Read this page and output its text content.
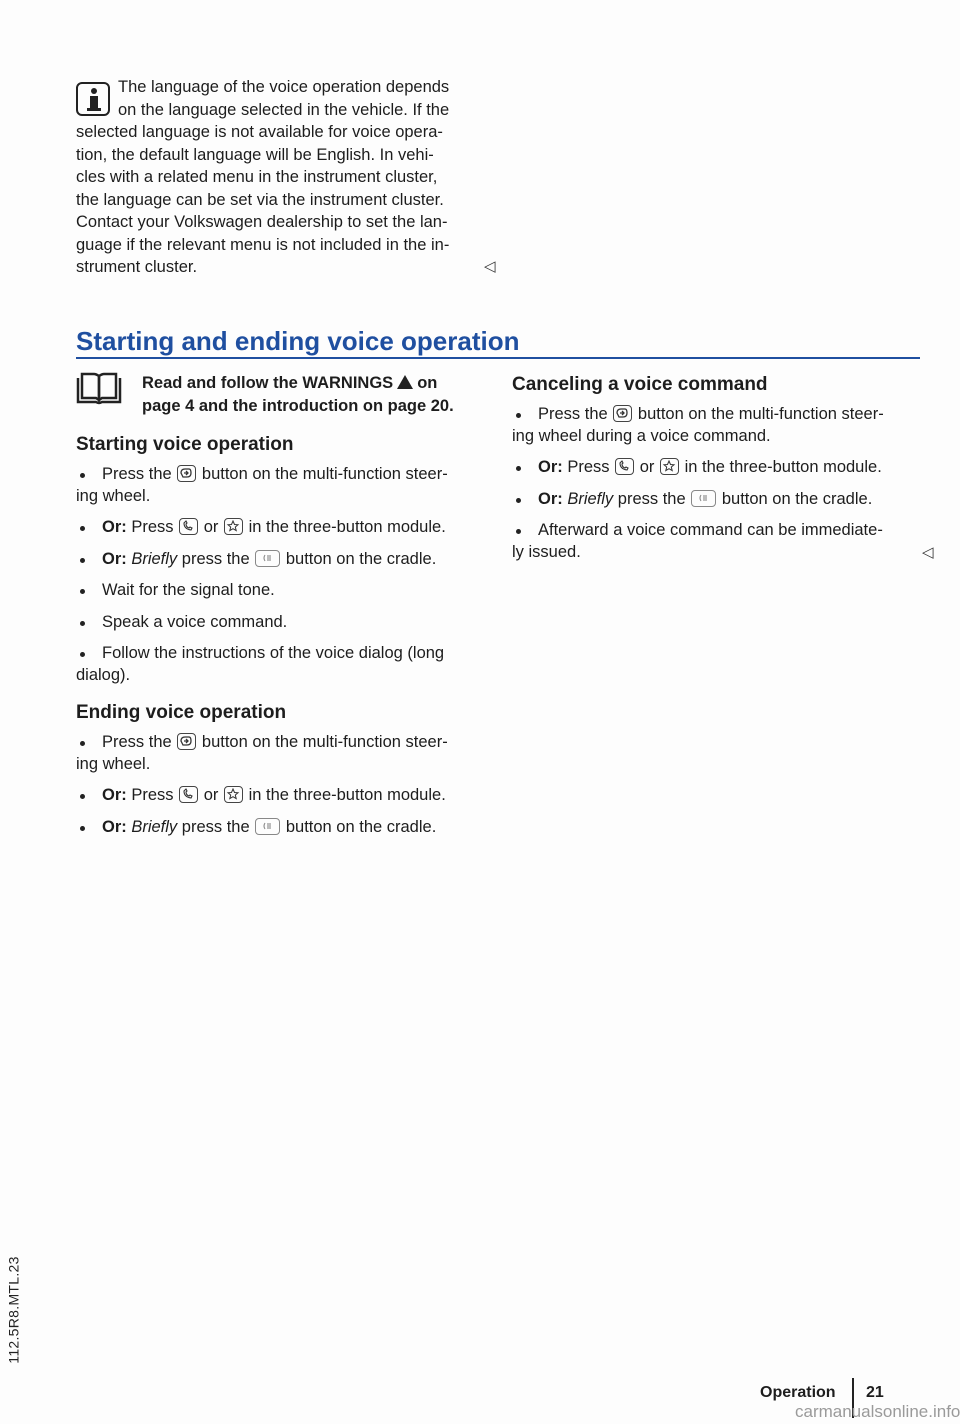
112.5R8.MTL.23
The language of the voice operation depends
on the language selected in the vehicle. If the
selected language is not available for voice opera-
tion, the default language will be English. In vehi-
cles with a related menu in the instrument cluster,
the language can be set via the instrument cluster.
Contact your Volkswagen dealership to set the lan-
guage if the relevant menu is not included in the in-
strument cluster.	◁
Starting and ending voice operation
Read and follow the WARNINGS on
page 4 and the introduction on page 20.
Starting voice operation
Press the button on the multi-function steer-
ing wheel.
Or: Press or in the three-button module.
Or: Briefly press the button on the cradle.
Wait for the signal tone.
Speak a voice command.
Follow the instructions of the voice dialog (long
dialog).
Ending voice operation
Press the button on the multi-function steer-
ing wheel.
Or: Press or in the three-button module.
Or: Briefly press the button on the cradle.
Canceling a voice command
Press the button on the multi-function steer-
ing wheel during a voice command.
Or: Press or in the three-button module.
Or: Briefly press the button on the cradle.
Afterward a voice command can be immediate-
ly issued.	◁
Operation 21
carmanualsonline.info
